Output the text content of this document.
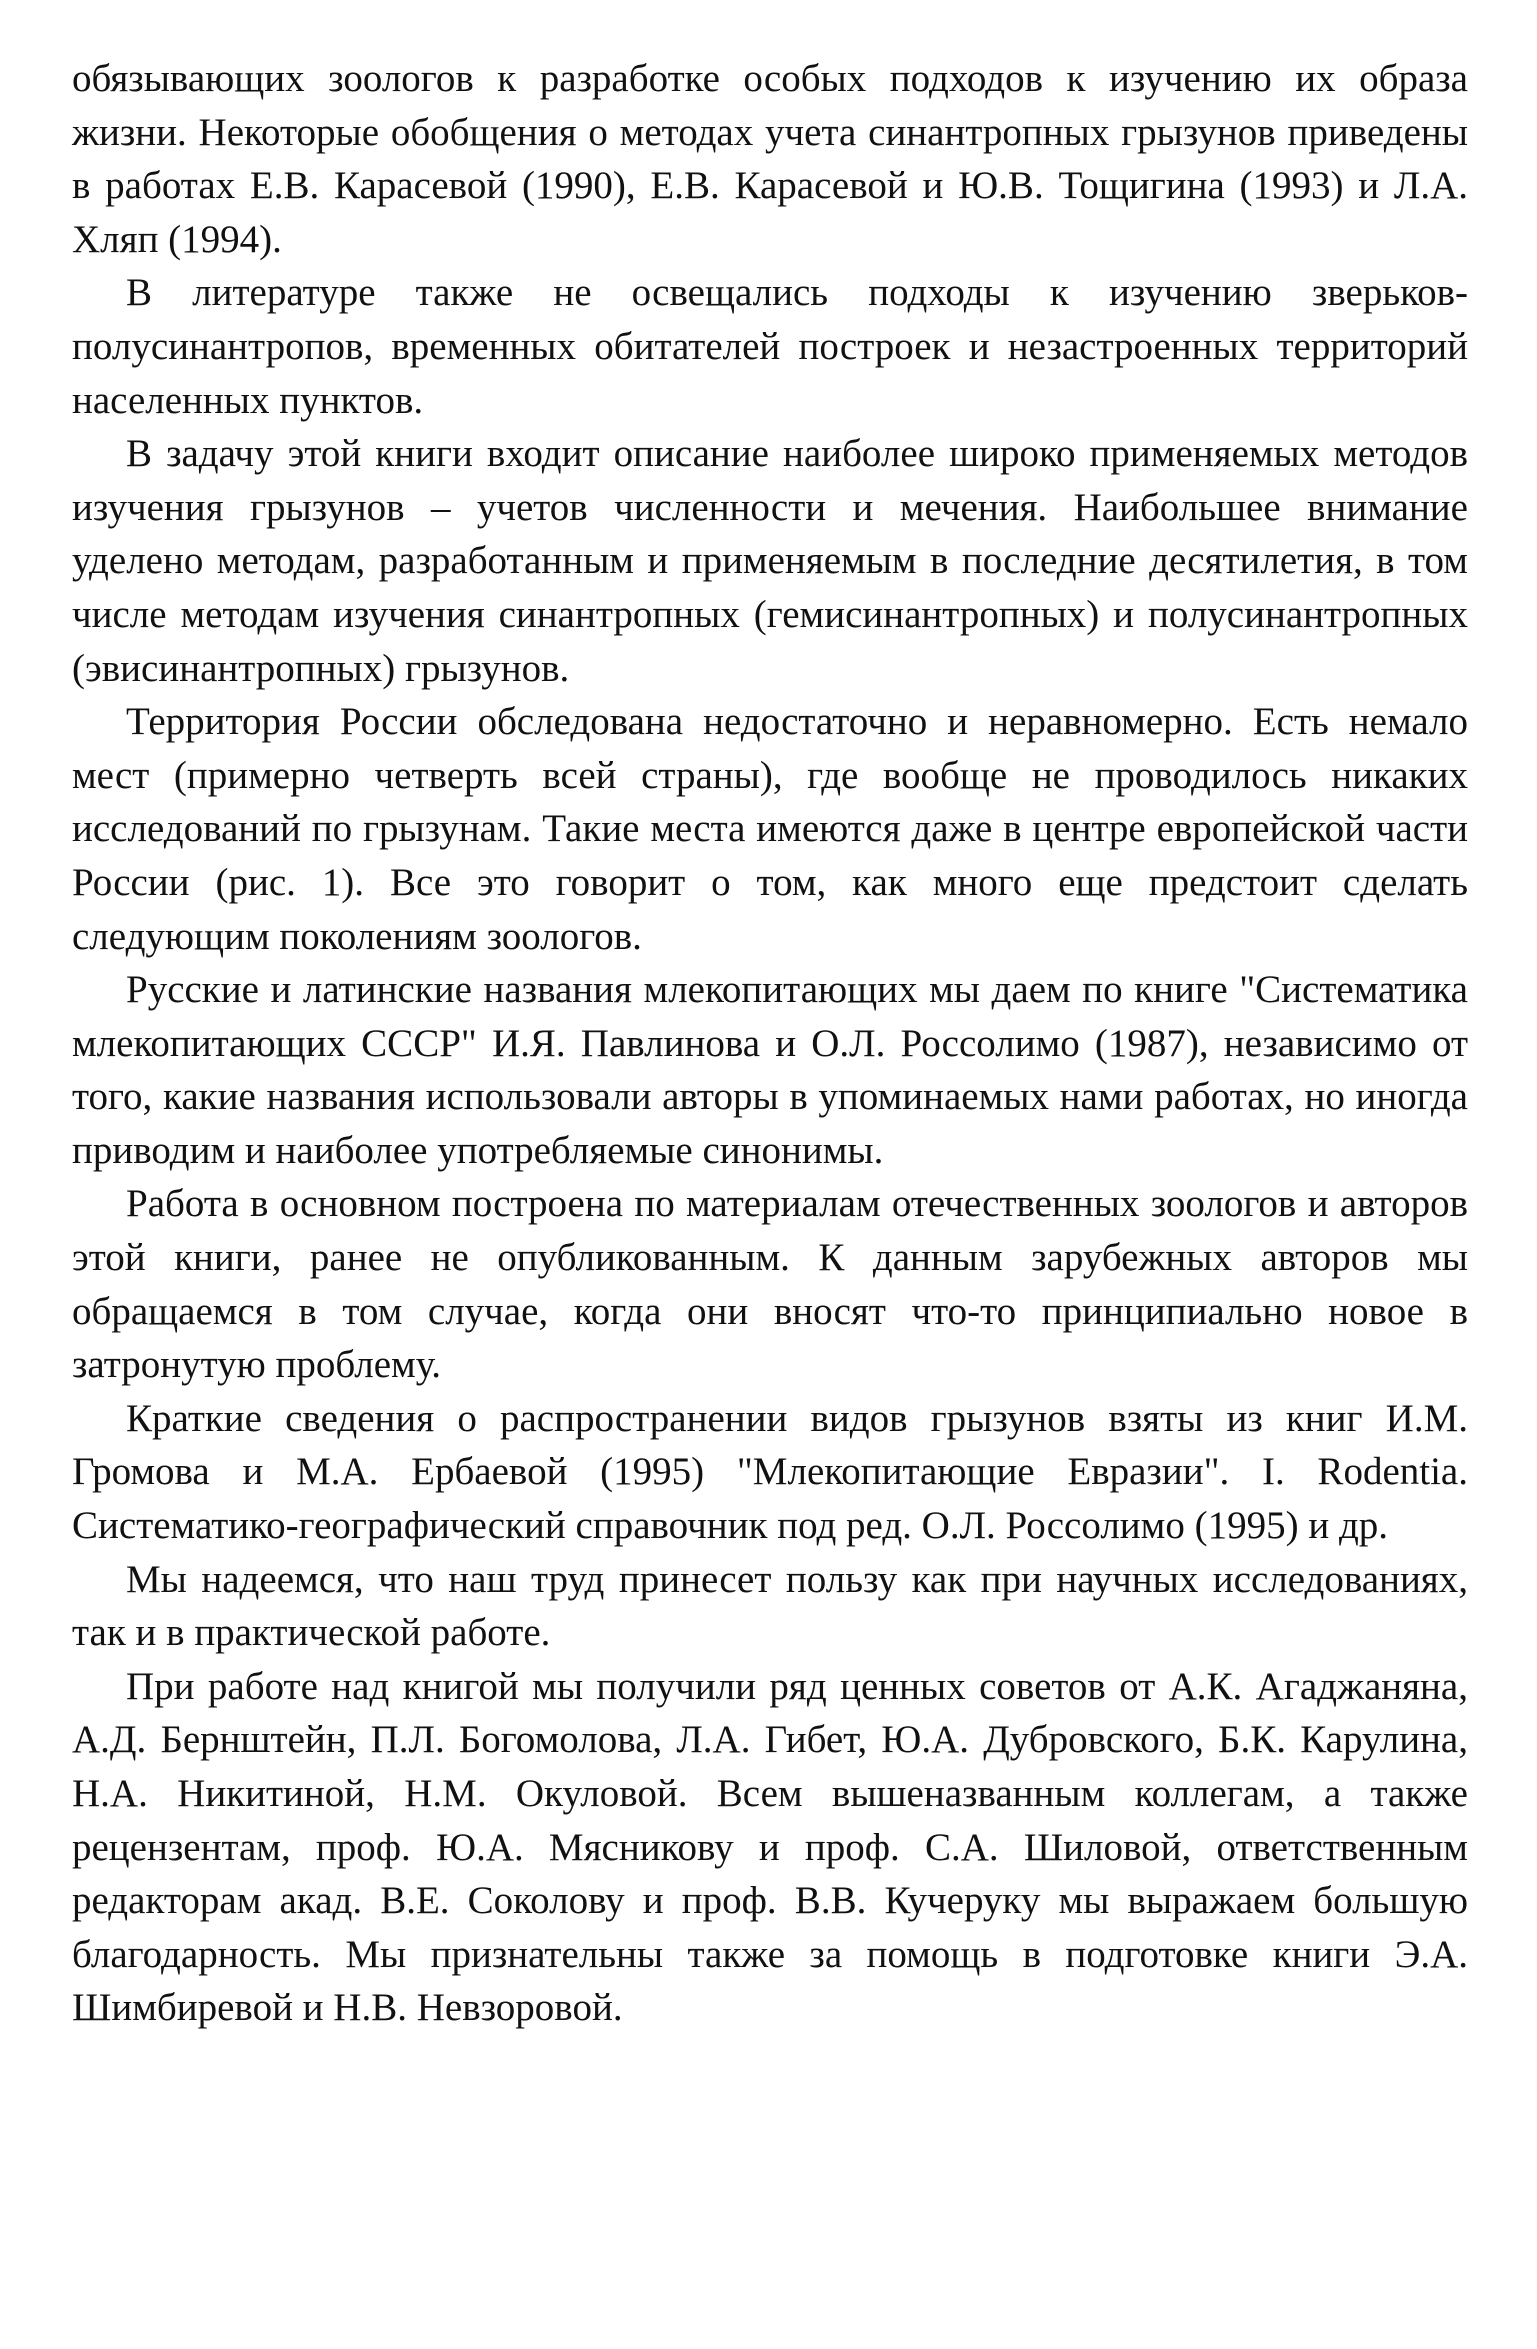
обязывающих зоологов к разработке особых подходов к изучению их образа жизни. Некоторые обобщения о методах учета синантропных грызунов приведены в работах Е.В. Карасевой (1990), Е.В. Карасевой и Ю.В. Тощигина (1993) и Л.А. Хляп (1994).

В литературе также не освещались подходы к изучению зверьков-полусинантропов, временных обитателей построек и незастроенных территорий населенных пунктов.

В задачу этой книги входит описание наиболее широко применяемых методов изучения грызунов – учетов численности и мечения. Наибольшее внимание уделено методам, разработанным и применяемым в последние десятилетия, в том числе методам изучения синантропных (гемисинантропных) и полусинантропных (эвисинантропных) грызунов.

Территория России обследована недостаточно и неравномерно. Есть немало мест (примерно четверть всей страны), где вообще не проводилось никаких исследований по грызунам. Такие места имеются даже в центре европейской части России (рис. 1). Все это говорит о том, как много еще предстоит сделать следующим поколениям зоологов.

Русские и латинские названия млекопитающих мы даем по книге "Систематика млекопитающих СССР" И.Я. Павлинова и О.Л. Россолимо (1987), независимо от того, какие названия использовали авторы в упоминаемых нами работах, но иногда приводим и наиболее употребляемые синонимы.

Работа в основном построена по материалам отечественных зоологов и авторов этой книги, ранее не опубликованным. К данным зарубежных авторов мы обращаемся в том случае, когда они вносят что-то принципиально новое в затронутую проблему.

Краткие сведения о распространении видов грызунов взяты из книг И.М. Громова и М.А. Ербаевой (1995) "Млекопитающие Евразии". I. Rodentia. Систематико-географический справочник под ред. О.Л. Россолимо (1995) и др.

Мы надеемся, что наш труд принесет пользу как при научных исследованиях, так и в практической работе.

При работе над книгой мы получили ряд ценных советов от А.К. Агаджаняна, А.Д. Бернштейн, П.Л. Богомолова, Л.А. Гибет, Ю.А. Дубровского, Б.К. Карулина, Н.А. Никитиной, Н.М. Окуловой. Всем вышеназванным коллегам, а также рецензентам, проф. Ю.А. Мясникову и проф. С.А. Шиловой, ответственным редакторам акад. В.Е. Соколову и проф. В.В. Кучеруку мы выражаем большую благодарность. Мы признательны также за помощь в подготовке книги Э.А. Шимбиревой и Н.В. Невзоровой.
